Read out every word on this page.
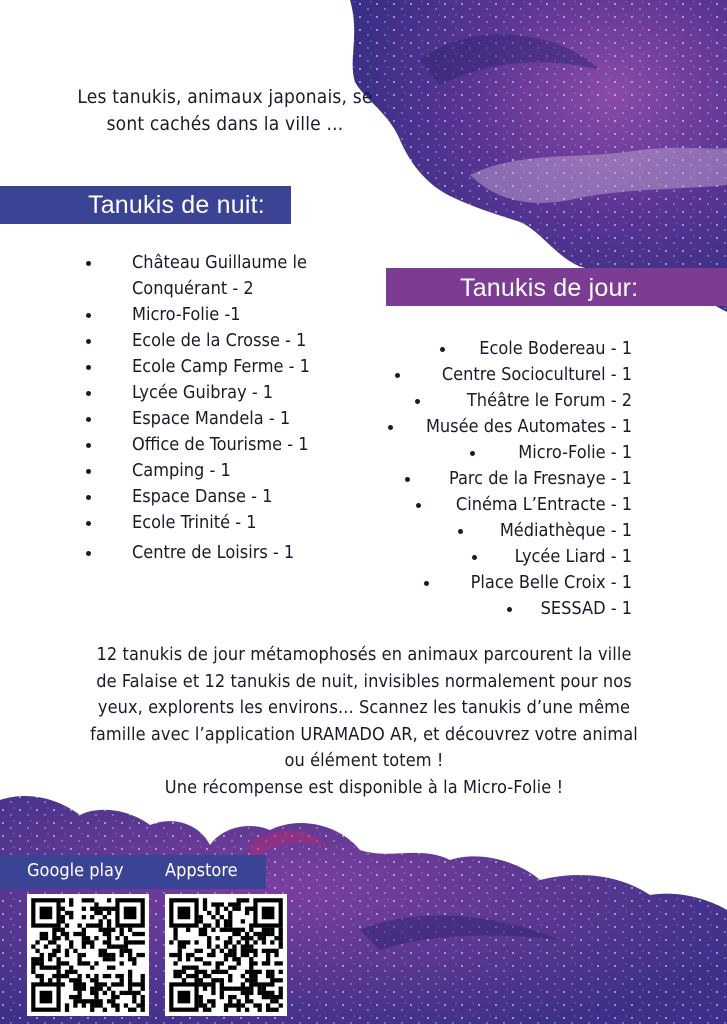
Les tanukis, animaux japonais, se sont cachés dans la ville ...
Tanukis de nuit:
Château Guillaume le Conquérant - 2
Micro-Folie -1
Ecole de la Crosse - 1
Ecole Camp Ferme - 1
Lycée Guibray - 1
Espace Mandela - 1
Office de Tourisme - 1
Camping - 1
Espace Danse - 1
Ecole Trinité - 1
Centre de Loisirs - 1
Tanukis de jour:
Ecole Bodereau - 1
Centre Socioculturel - 1
Théâtre le Forum - 2
Musée des Automates - 1
Micro-Folie - 1
Parc de la Fresnaye - 1
Cinéma L’Entracte - 1
Médiathèque - 1
Lycée Liard - 1
Place Belle Croix - 1
SESSAD - 1
12 tanukis de jour métamophosés en animaux parcourent la ville
de Falaise et 12 tanukis de nuit, invisibles normalement pour nos
yeux, explorents les environs... Scannez les tanukis d’une même
famille avec l’application URAMADO AR, et découvrez votre animal
ou élément totem !
Une récompense est disponible à la Micro-Folie !
Google play Appstore
